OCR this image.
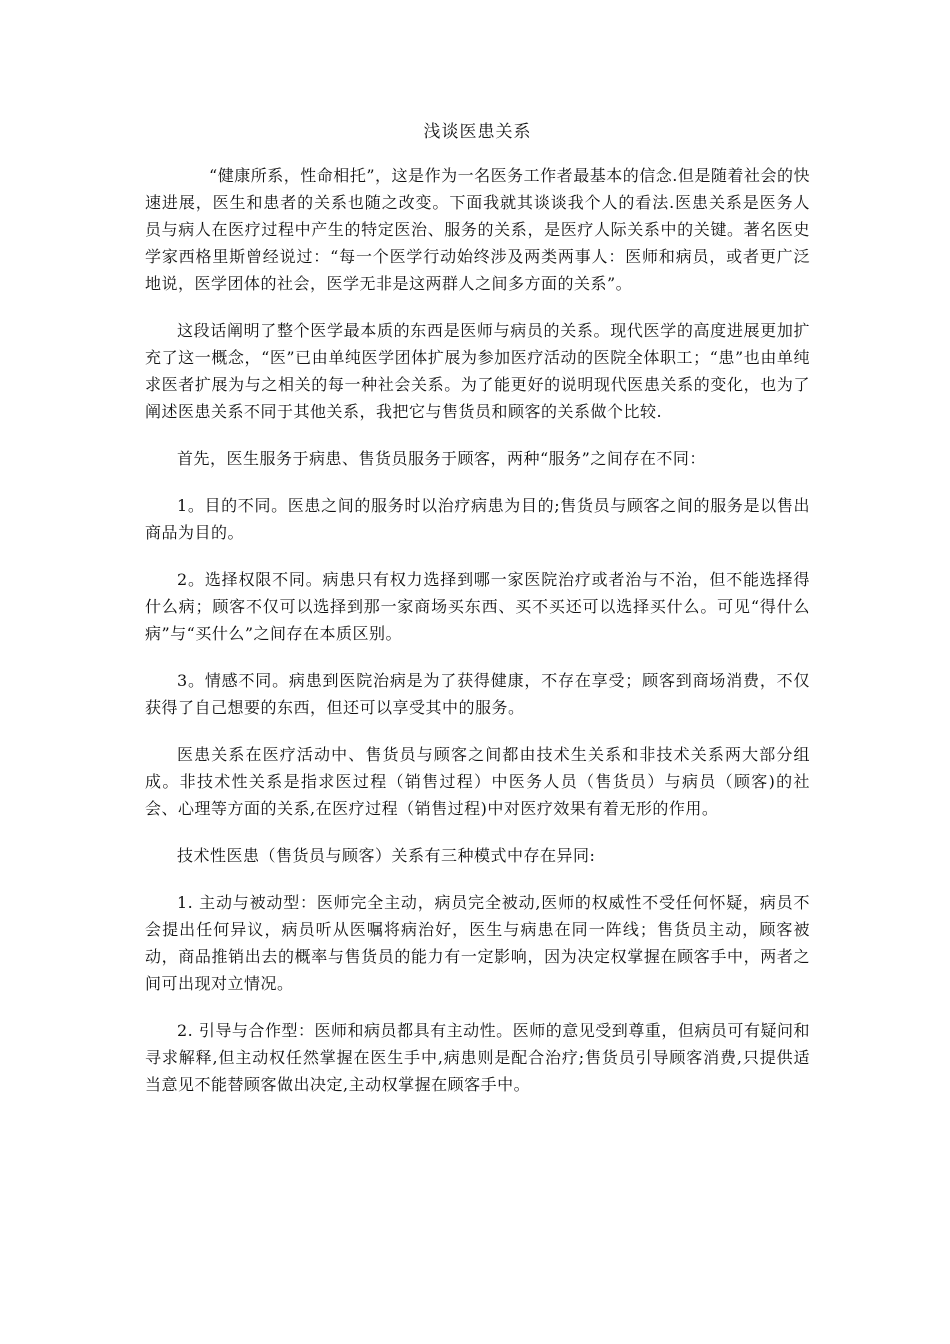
浅谈医患关系

“健康所系，性命相托”，这是作为一名医务工作者最基本的信念.但是随着社会的快速进展，医生和患者的关系也随之改变。下面我就其谈谈我个人的看法.医患关系是医务人员与病人在医疗过程中产生的特定医治、服务的关系，是医疗人际关系中的关键。著名医史学家西格里斯曾经说过：“每一个医学行动始终涉及两类两事人：医师和病员，或者更广泛地说，医学团体的社会，医学无非是这两群人之间多方面的关系”。

这段话阐明了整个医学最本质的东西是医师与病员的关系。现代医学的高度进展更加扩充了这一概念，“医”已由单纯医学团体扩展为参加医疗活动的医院全体职工；“患”也由单纯求医者扩展为与之相关的每一种社会关系。为了能更好的说明现代医患关系的变化，也为了阐述医患关系不同于其他关系，我把它与售货员和顾客的关系做个比较.

首先，医生服务于病患、售货员服务于顾客，两种“服务”之间存在不同：

1。目的不同。医患之间的服务时以治疗病患为目的;售货员与顾客之间的服务是以售出商品为目的。

2。选择权限不同。病患只有权力选择到哪一家医院治疗或者治与不治，但不能选择得什么病；顾客不仅可以选择到那一家商场买东西、买不买还可以选择买什么。可见“得什么病”与“买什么”之间存在本质区别。

3。情感不同。病患到医院治病是为了获得健康，不存在享受；顾客到商场消费，不仅获得了自己想要的东西，但还可以享受其中的服务。

医患关系在医疗活动中、售货员与顾客之间都由技术生关系和非技术关系两大部分组成。非技术性关系是指求医过程（销售过程）中医务人员（售货员）与病员（顾客)的社会、心理等方面的关系,在医疗过程（销售过程)中对医疗效果有着无形的作用。

技术性医患（售货员与顾客）关系有三种模式中存在异同:

1. 主动与被动型：医师完全主动，病员完全被动,医师的权威性不受任何怀疑，病员不会提出任何异议，病员听从医嘱将病治好，医生与病患在同一阵线；售货员主动，顾客被动，商品推销出去的概率与售货员的能力有一定影响，因为决定权掌握在顾客手中，两者之间可出现对立情况。

2. 引导与合作型：医师和病员都具有主动性。医师的意见受到尊重，但病员可有疑问和寻求解释,但主动权任然掌握在医生手中,病患则是配合治疗;售货员引导顾客消费,只提供适当意见不能替顾客做出决定,主动权掌握在顾客手中。
